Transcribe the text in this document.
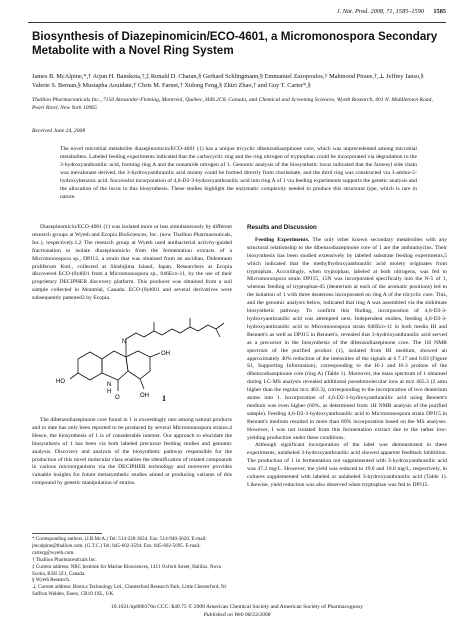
J. Nat. Prod. 2008, 71, 1585–1590 1585
Biosynthesis of Diazepinomicin/ECO-4601, a Micromonospora Secondary Metabolite with a Novel Ring System
James B. McAlpine,*,† Arjun H. Banskota,†,‡ Ronald D. Charan,§ Gerhard Schlingmann,§ Emmanuel Zazopoulos,† Mahmood Piraee,†,⊥ Jeffrey Janso,§ Valerie S. Bernan,§ Mustapha Aouidate,† Chris M. Farnet,† Xidong Feng,§ Zhizi Zhao,† and Guy T. Carter*,§
Thallion Pharmaceuticals Inc., 7150 Alexander-Fleming, Montréal, Québec, H4S 2C8, Canada, and Chemical and Screening Sciences, Wyeth Research, 401 N. Middletown Road, Pearl River, New York 10965
Received June 24, 2008
The novel microbial metabolite diazepinomicin/ECO-4601 (1) has a unique tricyclic dibenzodiazepinone core, which was unprecedented among microbial metabolites. Labeled feeding experiments indicated that the carbocyclic ring and the ring nitrogen of tryptophan could be incorporated via degradation to the 3-hydroxyanthranilic acid, forming ring A and the nonamide nitrogen of 1. Genomic analysis of the biosynthetic locus indicated that the farnesyl side chain was mevalonate derived, the 3-hydroxyanthranilic acid moiety could be formed directly from chorismate, and the third ring was constructed via 3-amino-5-hydroxybenzoic acid. Successful incorporation of 4,6-D2-3-hydroxyanthranilic acid into ring A of 1 via feeding experiments supports the genetic analysis and the allocation of the locus to this biosynthesis. These studies highlight the enzymatic complexity needed to produce this structural type, which is rare in nature.

Diazepinomicin/ECO-4601 (1) was isolated more or less simultaneously by different research groups at Wyeth and Ecopia BioSciences, Inc. (now Thallion Pharmaceuticals, Inc.), respectively.1,2 The research group at Wyeth used antibacterial activity-guided fractionation to isolate diazepinomicin from the fermentation extracts of a Micromonospora sp., DPJ12, a strain that was obtained from an ascidian, Didemnum proliferum Kott., collected at Shishijima Island, Japan. Researchers at Ecopia discovered ECO-(0)4601 from a Micromonospora sp., 046Eco-11, by the use of their proprietary DECIPHER discovery platform. This producer was obtained from a soil sample collected in Montréal, Canada. ECO-(0)4601 and several derivatives were subsequently patented3 by Ecopia.

OH
HO
N
N
H
O	OH 1

The dibenzodiazepinone core found in 1 is exceedingly rare among natural products and to date has only been reported to be produced by several Micromonospora strains.4 Hence, the biosynthesis of 1 is of considerable interest. Our approach to elucidate the biosynthesis of 1 has been via both labeled precursor feeding studies and genomic analysis. Discovery and analysis of the biosynthetic pathway responsible for the production of this novel molecular class enables the identification of related compounds in various microorganisms via the DECIPHER technology and moreover provides valuable insights for future metasynthetic studies aimed at producing variants of this compound by genetic manipulation of strains.

* Corresponding authors. (J.B.McA.) Tel: 514-228-3634. Fax: 514-940-3620. E-mail: jmcalpine@thallion.com. (G.T.C.) Tel: 845-602-3594. Fax: 845-602-5695. E-mail: carterg@wyeth.com.
† Thallion Pharmaceuticals Inc.
‡ Current address: NRC Institute for Marine Biosciences, 1411 Oxford Street, Halifax, Nova Scotia, B3H 3Z1, Canada.
§ Wyeth Research.
⊥ Current address: Biotica Technology Ltd., Chesterford Research Park, Little Chesterford, Nr Saffron Walden, Essex, CB10 1XL, UK.
Results and Discussion

Feeding Experiments. The only other known secondary metabolites with any structural relationship to the dibenzodiazepinone core of 1 are the anthramycins. Their biosynthesis has been studied extensively by labeled substrate feeding experiments,5 which indicated that the methylhydroxyanthranilic acid moiety originates from tryptophan. Accordingly, when tryptophan, labeled at both nitrogens, was fed to Micromonospora strain DPJ15, 15N was incorporated specifically into the N-5 of 1, whereas feeding of tryptophan-d5 (deuterium at each of the aromatic positions) led to the isolation of 1 with three deuterons incorporated on ring A of the tricyclic core. This, and the genomic analysis below, indicated that ring A was assembled via the shikimate biosynthetic pathway. To confirm this finding, incorporation of 4,6-D2-3-hydroxyanthranilic acid was attempted next. Independent studies, feeding 4,6-D2-3-hydroxyanthranilic acid to Micromonospora strain 046Eco-11 in both media HI and Bennett's as well as DPJ15 in Bennett's, revealed that 3-hydroxyanthranilic acid served as a precursor in the biosynthesis of the dibenzodiazepinone core. The 1H NMR spectrum of the purified product (1), isolated from HI medium, showed an approximately 40% reduction of the intensities of the signals at δ 7.17 and 6.83 (Figure S1, Supporting Information), corresponding to the H-1 and H-3 protons of the dibenzodiazepinone core (ring A) (Table 1). Moreover, the mass spectrum of 1 obtained during LC-MS analysis revealed additional pseudomolecular ions at m/z 465.3 (2 amu higher than the regular m/z 463.3), corresponding to the incorporation of two deuterium atoms into 1. Incorporation of 4,6-D2-3-hydroxyanthranilic acid using Bennett's medium was even higher (60%, as determined from 1H NMR analysis of the purified sample). Feeding 4,6-D2-3-hydroxyanthranilic acid to Micromonospora strain DPJ15 in Bennett's medium resulted in more than 80% incorporation based on the MS analyses. However, I was not isolated from this fermentation extract due to the rather low-yielding production under these conditions.

Although significant incorporation of the label was demonstrated in these experiments, unlabeled 3-hydroxyanthranilic acid showed apparent feedback inhibition. The production of 1 in fermentation not supplemented with 3-hydroxyanthranilic acid was 47.2 mg/L. However, the yield was reduced to 19.0 and 10.8 mg/L, respectively, in cultures supplemented with labeled or unlabeled 3-hydroxyanthranilic acid (Table 1). Likewise, yield reduction was also observed when tryptophan was fed to DPJ15.

10.1021/np800376n CCC: $40.75 © 2008 American Chemical Society and American Society of Pharmacognosy
Published on Web 08/23/2008
